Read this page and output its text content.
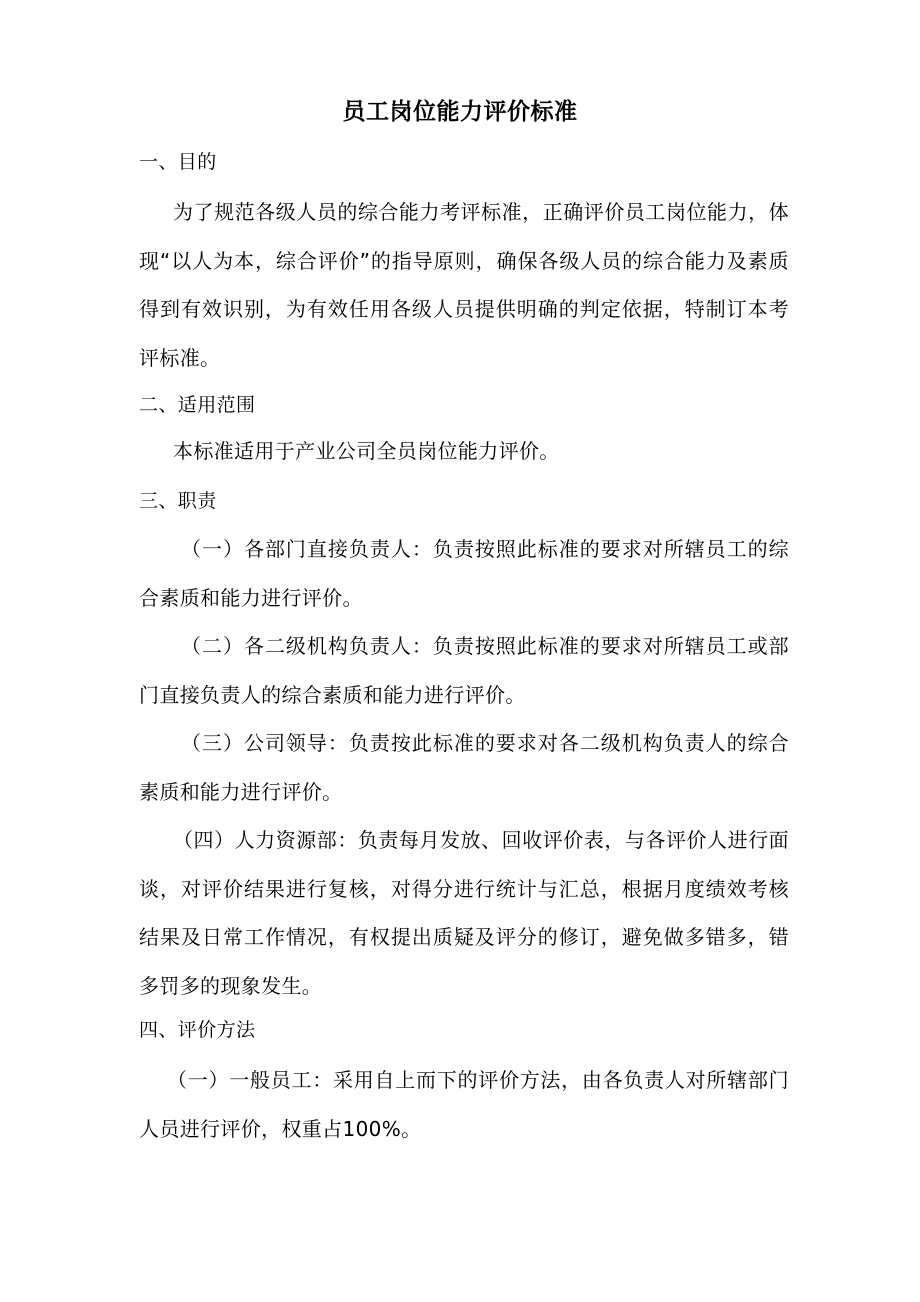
员工岗位能力评价标准
一、目的
为了规范各级人员的综合能力考评标准，正确评价员工岗位能力，体现“以人为本，综合评价”的指导原则，确保各级人员的综合能力及素质得到有效识别，为有效任用各级人员提供明确的判定依据，特制订本考评标准。
二、适用范围
本标准适用于产业公司全员岗位能力评价。
三、职责
（一）各部门直接负责人：负责按照此标准的要求对所辖员工的综合素质和能力进行评价。
（二）各二级机构负责人：负责按照此标准的要求对所辖员工或部门直接负责人的综合素质和能力进行评价。
（三）公司领导：负责按此标准的要求对各二级机构负责人的综合素质和能力进行评价。
（四）人力资源部：负责每月发放、回收评价表，与各评价人进行面谈，对评价结果进行复核，对得分进行统计与汇总，根据月度绩效考核结果及日常工作情况，有权提出质疑及评分的修订，避免做多错多，错多罚多的现象发生。
四、评价方法
（一）一般员工：采用自上而下的评价方法，由各负责人对所辖部门人员进行评价，权重占100%。
